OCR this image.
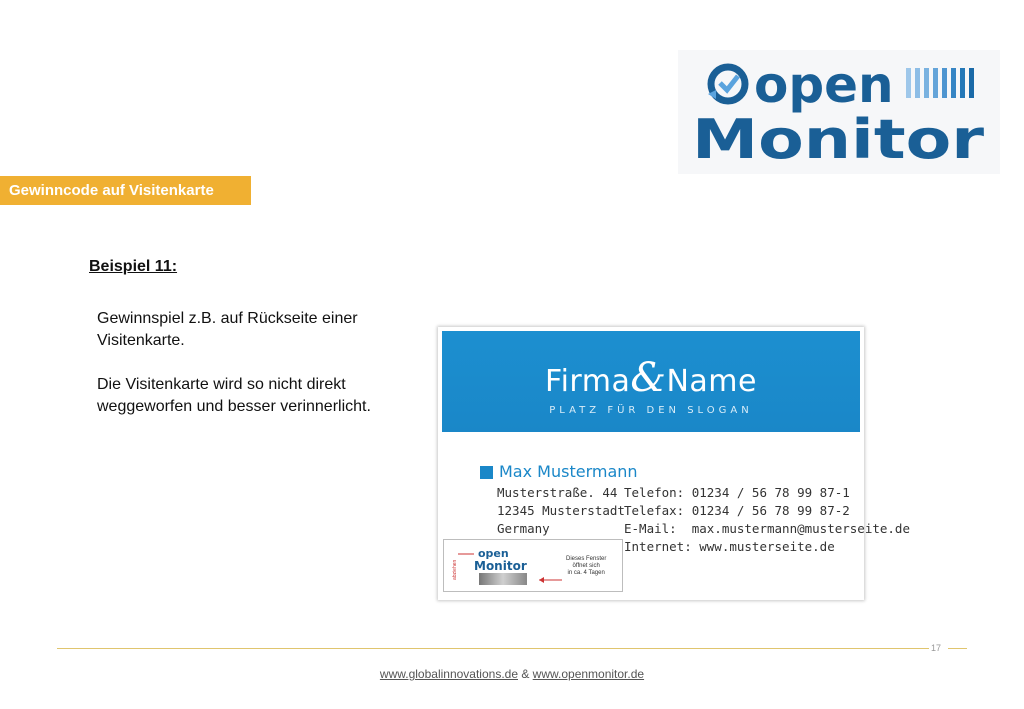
open
Monitor
Gewinncode auf Visitenkarte
Beispiel 11:
Gewinnspiel z.B. auf Rückseite einer Visitenkarte.
Die Visitenkarte wird so nicht direkt weggeworfen und besser verinnerlicht.
Firma&Name
PLATZ FÜR DEN SLOGAN
Max Mustermann
Musterstraße. 44
12345 Musterstadt
Germany
Telefon: 01234 / 56 78 99 87-1
Telefax: 01234 / 56 78 99 87-2
E-Mail:  max.mustermann@musterseite.de
Internet: www.musterseite.de
abziehen
open
Monitor	Dieses Fenster
öffnet sich
in ca. 4 Tagen
17
www.globalinnovations.de & www.openmonitor.de
